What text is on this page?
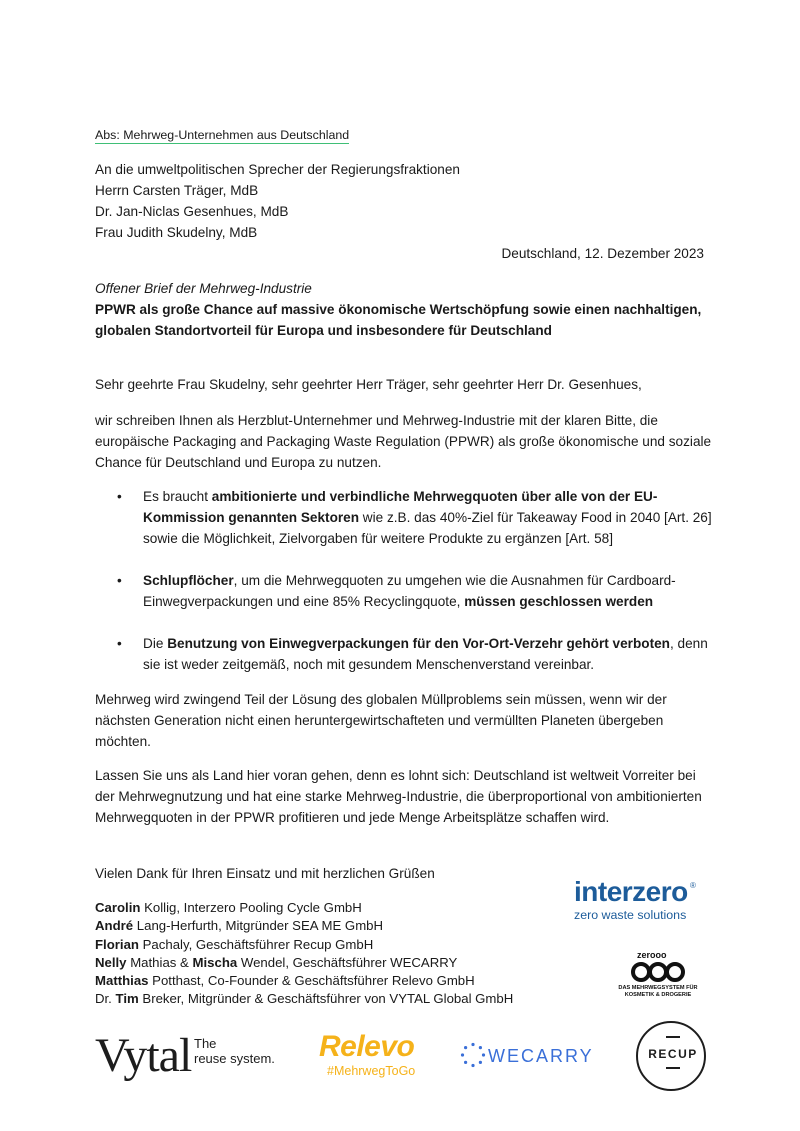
Abs: Mehrweg-Unternehmen aus Deutschland
An die umweltpolitischen Sprecher der Regierungsfraktionen
Herrn Carsten Träger, MdB
Dr. Jan-Niclas Gesenhues, MdB
Frau Judith Skudelny, MdB
Deutschland, 12. Dezember 2023
Offener Brief der Mehrweg-Industrie
PPWR als große Chance auf massive ökonomische Wertschöpfung sowie einen nachhaltigen, globalen Standortvorteil für Europa und insbesondere für Deutschland
Sehr geehrte Frau Skudelny, sehr geehrter Herr Träger, sehr geehrter Herr Dr. Gesenhues,
wir schreiben Ihnen als Herzblut-Unternehmer und Mehrweg-Industrie mit der klaren Bitte, die europäische Packaging and Packaging Waste Regulation (PPWR) als große ökonomische und soziale Chance für Deutschland und Europa zu nutzen.
• Es braucht ambitionierte und verbindliche Mehrwegquoten über alle von der EU-Kommission genannten Sektoren wie z.B. das 40%-Ziel für Takeaway Food in 2040 [Art. 26] sowie die Möglichkeit, Zielvorgaben für weitere Produkte zu ergänzen [Art. 58]
• Schlupflöcher, um die Mehrwegquoten zu umgehen wie die Ausnahmen für Cardboard-Einwegverpackungen und eine 85% Recyclingquote, müssen geschlossen werden
• Die Benutzung von Einwegverpackungen für den Vor-Ort-Verzehr gehört verboten, denn sie ist weder zeitgemäß, noch mit gesundem Menschenverstand vereinbar.
Mehrweg wird zwingend Teil der Lösung des globalen Müllproblems sein müssen, wenn wir der nächsten Generation nicht einen heruntergewirtschafteten und vermüllten Planeten übergeben möchten.
Lassen Sie uns als Land hier voran gehen, denn es lohnt sich: Deutschland ist weltweit Vorreiter bei der Mehrwegnutzung und hat eine starke Mehrweg-Industrie, die überproportional von ambitionierten Mehrwegquoten in der PPWR profitieren und jede Menge Arbeitsplätze schaffen wird.
Vielen Dank für Ihren Einsatz und mit herzlichen Grüßen
Carolin Kollig, Interzero Pooling Cycle GmbH
André Lang-Herfurth, Mitgründer SEA ME GmbH
Florian Pachaly, Geschäftsführer Recup GmbH
Nelly Mathias & Mischa Wendel, Geschäftsführer WECARRY
Matthias Potthast, Co-Founder & Geschäftsführer Relevo GmbH
Dr. Tim Breker, Mitgründer & Geschäftsführer von VYTAL Global GmbH
interzero ®
zero waste solutions
zerooo
DAS MEHRWEGSYSTEM FÜR KOSMETIK & DROGERIE
Vytal The
reuse system. Relevo
#MehrwegToGo
WECARRY	RECUP
